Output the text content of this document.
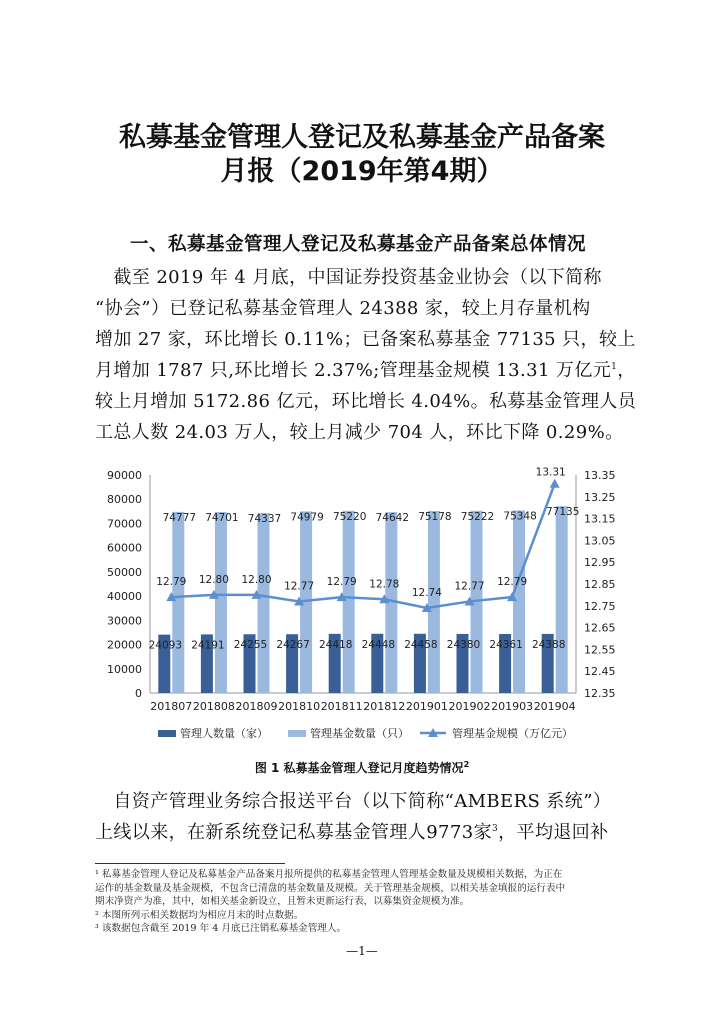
私募基金管理人登记及私募基金产品备案
月报（2019年第4期）
一、私募基金管理人登记及私募基金产品备案总体情况
　截至 2019 年 4 月底，中国证券投资基金业协会（以下简称
“协会”）已登记私募基金管理人 24388 家，较上月存量机构
增加 27 家，环比增长 0.11%；已备案私募基金 77135 只，较上
月增加 1787 只,环比增长 2.37%;管理基金规模 13.31 万亿元$^1$，
较上月增加 5172.86 亿元，环比增长 4.04%。私募基金管理人员
工总人数 24.03 万人，较上月减少 704 人，环比下降 0.29%。
0
10000
20000
30000
40000
50000
60000
70000
80000
90000
12.35
12.45
12.55
12.65
12.75
12.85
12.95
13.05
13.15
13.25
13.35
201807
24093
74777
201808
24191
74701
201809
24255
74337
201810
24267
74979
201811
24418
75220
201812
24448
74642
201901
24458
75178
201902
24380
75222
201903
24361
75348
201904
24388
77135
12.79 12.80 12.80
12.77 12.79 12.78
12.74
12.77 12.79
13.31
管理人数量（家）	管理基金数量（只）	管理基金规模（万亿元）
图 1 私募基金管理人登记月度趋势情况$^2$
　自资产管理业务综合报送平台（以下简称“AMBERS 系统”）
上线以来，在新系统登记私募基金管理人9773家$^3$，平均退回补
¹ 私募基金管理人登记及私募基金产品备案月报所提供的私募基金管理人管理基金数量及规模相关数据，为正在
运作的基金数量及基金规模，不包含已清盘的基金数量及规模。关于管理基金规模，以相关基金填报的运行表中
期末净资产为准，其中，如相关基金新设立，且暂未更新运行表，以募集资金规模为准。
² 本图所列示相关数据均为相应月末的时点数据。
³ 该数据包含截至 2019 年 4 月底已注销私募基金管理人。
—1—
